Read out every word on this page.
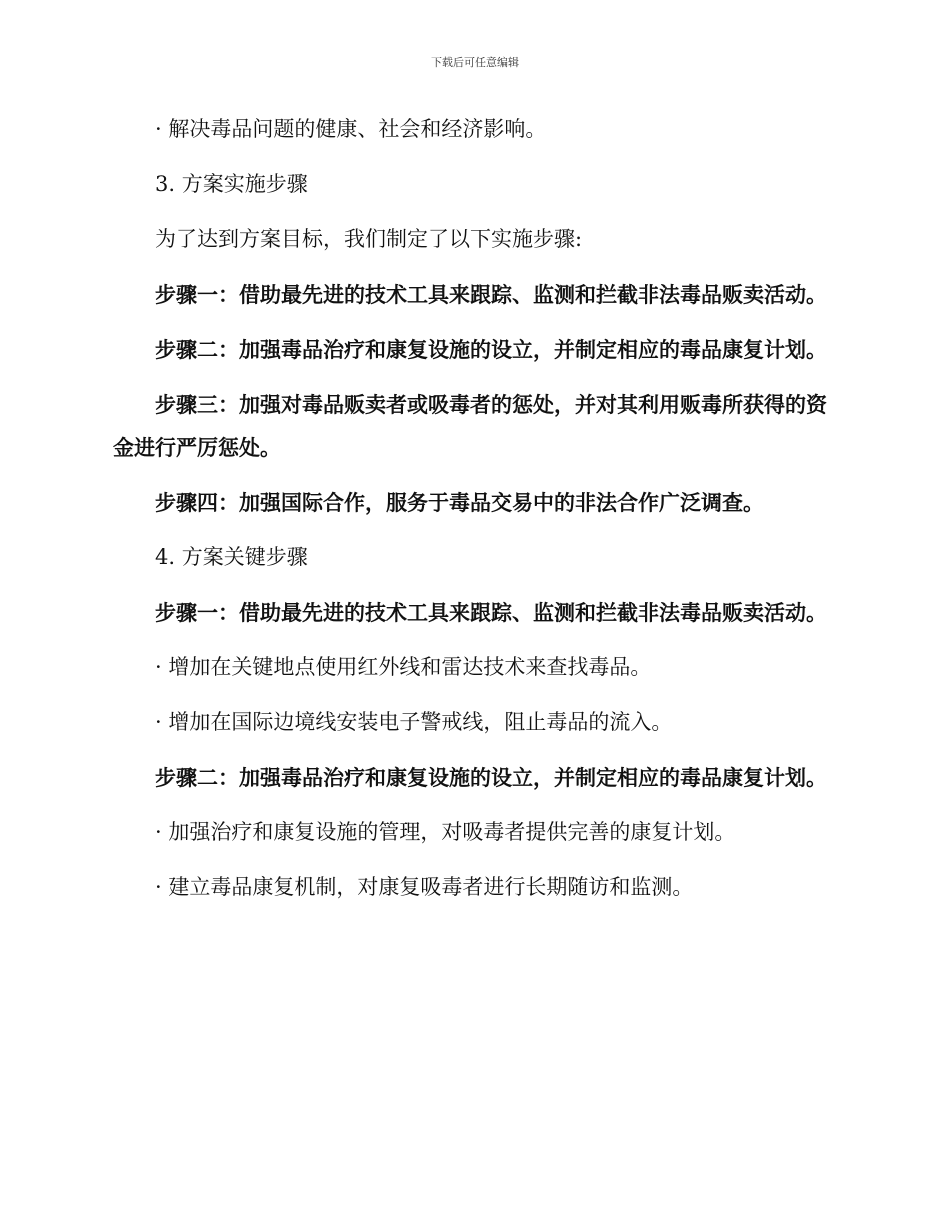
下载后可任意编辑

· 解决毒品问题的健康、社会和经济影响。

3. 方案实施步骤

为了达到方案目标，我们制定了以下实施步骤:

步骤一：借助最先进的技术工具来跟踪、监测和拦截非法毒品贩卖活动。

步骤二：加强毒品治疗和康复设施的设立，并制定相应的毒品康复计划。

步骤三：加强对毒品贩卖者或吸毒者的惩处，并对其利用贩毒所获得的资金进行严厉惩处。

步骤四：加强国际合作，服务于毒品交易中的非法合作广泛调查。

4. 方案关键步骤

步骤一：借助最先进的技术工具来跟踪、监测和拦截非法毒品贩卖活动。

· 增加在关键地点使用红外线和雷达技术来查找毒品。

· 增加在国际边境线安装电子警戒线，阻止毒品的流入。

步骤二：加强毒品治疗和康复设施的设立，并制定相应的毒品康复计划。

· 加强治疗和康复设施的管理，对吸毒者提供完善的康复计划。

· 建立毒品康复机制，对康复吸毒者进行长期随访和监测。
